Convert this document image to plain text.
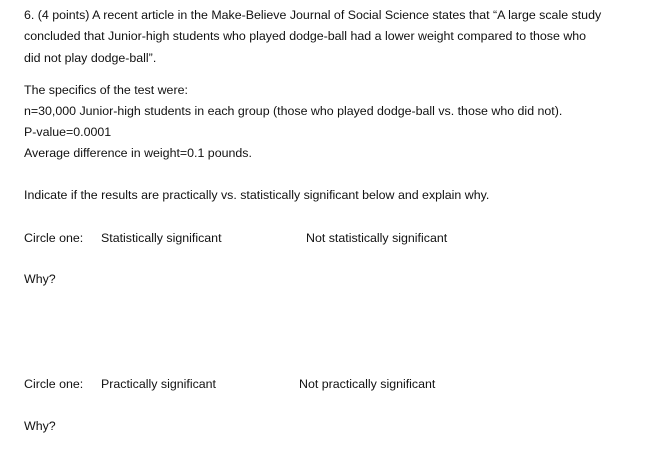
6. (4 points) A recent article in the Make-Believe Journal of Social Science states that “A large scale study
concluded that Junior-high students who played dodge-ball had a lower weight compared to those who
did not play dodge-ball”.
The specifics of the test were:
n=30,000 Junior-high students in each group (those who played dodge-ball vs. those who did not).
P-value=0.0001
Average difference in weight=0.1 pounds.
Indicate if the results are practically vs. statistically significant below and explain why.
Circle one: Statistically significant	Not statistically significant
Why?
Circle one: Practically significant	Not practically significant
Why?
